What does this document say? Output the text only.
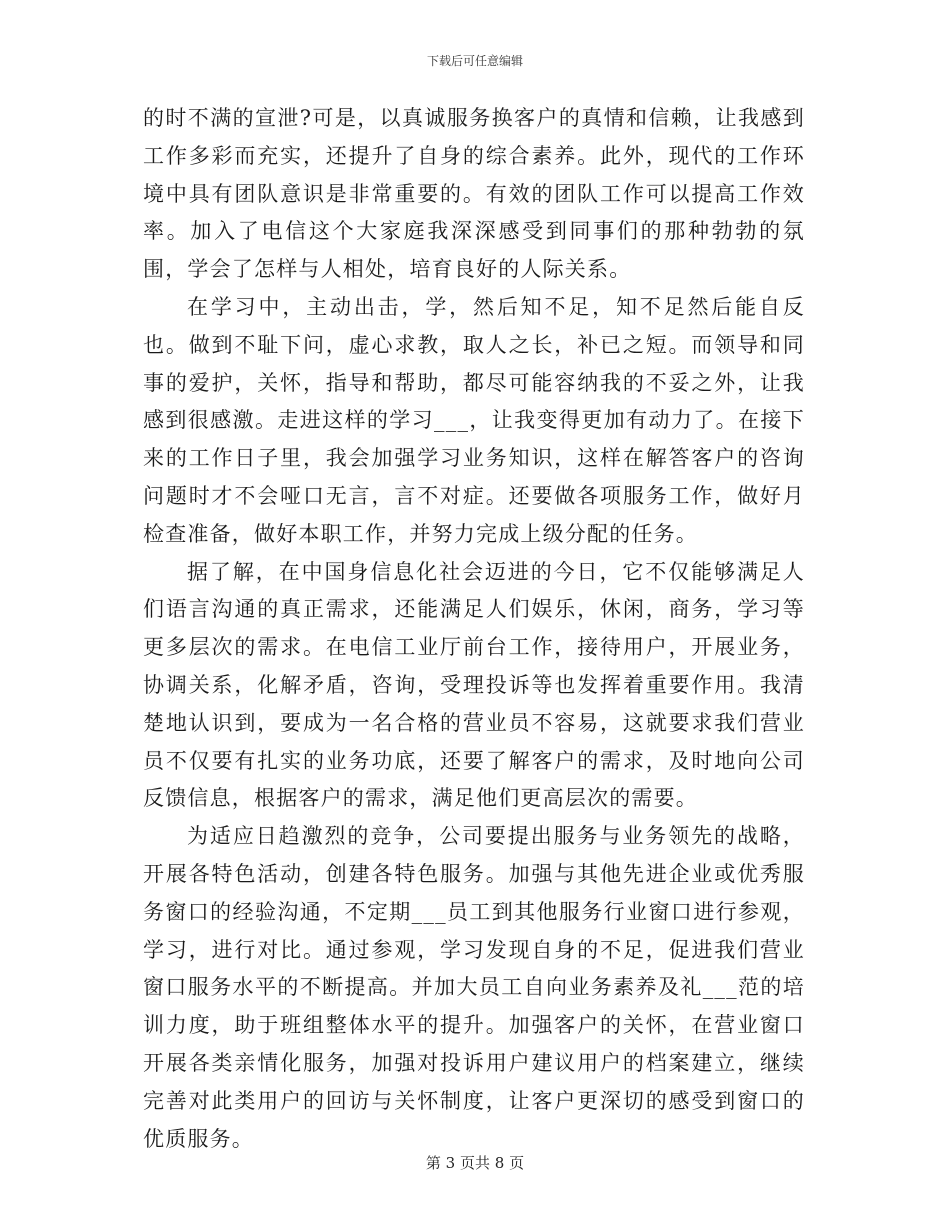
下载后可任意编辑

的时不满的宣泄?可是，以真诚服务换客户的真情和信赖，让我感到工作多彩而充实，还提升了自身的综合素养。此外，现代的工作环境中具有团队意识是非常重要的。有效的团队工作可以提高工作效率。加入了电信这个大家庭我深深感受到同事们的那种勃勃的氛围，学会了怎样与人相处，培育良好的人际关系。

在学习中，主动出击，学，然后知不足，知不足然后能自反也。做到不耻下问，虚心求教，取人之长，补已之短。而领导和同事的爱护，关怀，指导和帮助，都尽可能容纳我的不妥之外，让我感到很感激。走进这样的学习___，让我变得更加有动力了。在接下来的工作日子里，我会加强学习业务知识，这样在解答客户的咨询问题时才不会哑口无言，言不对症。还要做各项服务工作，做好月检查准备，做好本职工作，并努力完成上级分配的任务。

据了解，在中国身信息化社会迈进的今日，它不仅能够满足人们语言沟通的真正需求，还能满足人们娱乐，休闲，商务，学习等更多层次的需求。在电信工业厅前台工作，接待用户，开展业务，协调关系，化解矛盾，咨询，受理投诉等也发挥着重要作用。我清楚地认识到，要成为一名合格的营业员不容易，这就要求我们营业员不仅要有扎实的业务功底，还要了解客户的需求，及时地向公司反馈信息，根据客户的需求，满足他们更高层次的需要。

为适应日趋激烈的竞争，公司要提出服务与业务领先的战略，开展各特色活动，创建各特色服务。加强与其他先进企业或优秀服务窗口的经验沟通，不定期___员工到其他服务行业窗口进行参观，学习，进行对比。通过参观，学习发现自身的不足，促进我们营业窗口服务水平的不断提高。并加大员工自向业务素养及礼___范的培训力度，助于班组整体水平的提升。加强客户的关怀，在营业窗口开展各类亲情化服务，加强对投诉用户建议用户的档案建立，继续完善对此类用户的回访与关怀制度，让客户更深切的感受到窗口的优质服务。

第 3 页共 8 页
